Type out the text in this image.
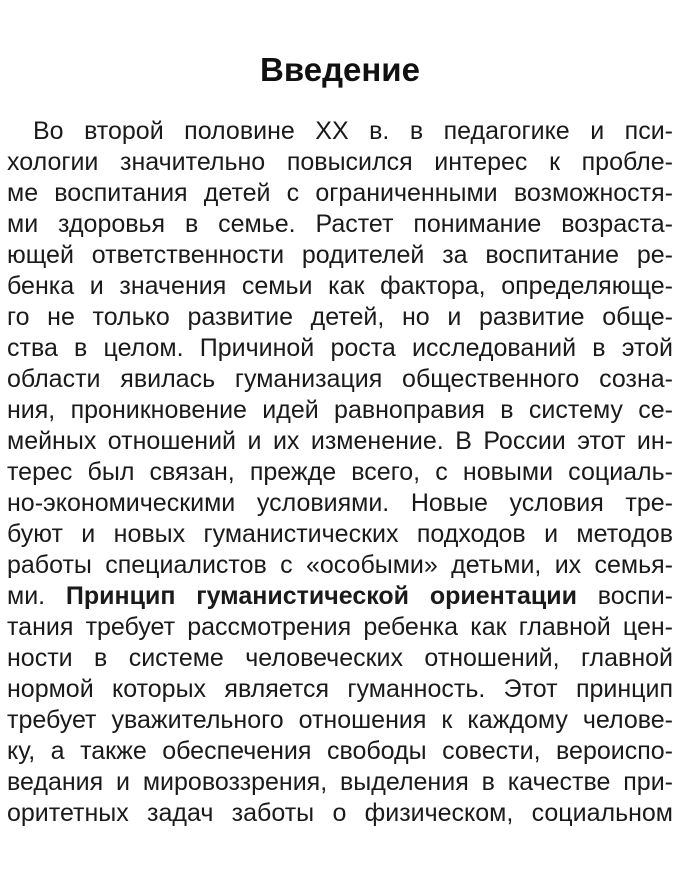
Введение
Во второй половине XX в. в педагогике и пси-
хологии значительно повысился интерес к пробле-
ме воспитания детей с ограниченными возможностя-
ми здоровья в семье. Растет понимание возраста-
ющей ответственности родителей за воспитание ре-
бенка и значения семьи как фактора, определяюще-
го не только развитие детей, но и развитие обще-
ства в целом. Причиной роста исследований в этой
области явилась гуманизация общественного созна-
ния, проникновение идей равноправия в систему се-
мейных отношений и их изменение. В России этот ин-
терес был связан, прежде всего, с новыми социаль-
но-экономическими условиями. Новые условия тре-
буют и новых гуманистических подходов и методов
работы специалистов с «особыми» детьми, их семья-
ми. Принцип гуманистической ориентации воспи-
тания требует рассмотрения ребенка как главной цен-
ности в системе человеческих отношений, главной
нормой которых является гуманность. Этот принцип
требует уважительного отношения к каждому челове-
ку, а также обеспечения свободы совести, вероиспо-
ведания и мировоззрения, выделения в качестве при-
оритетных задач заботы о физическом, социальном
